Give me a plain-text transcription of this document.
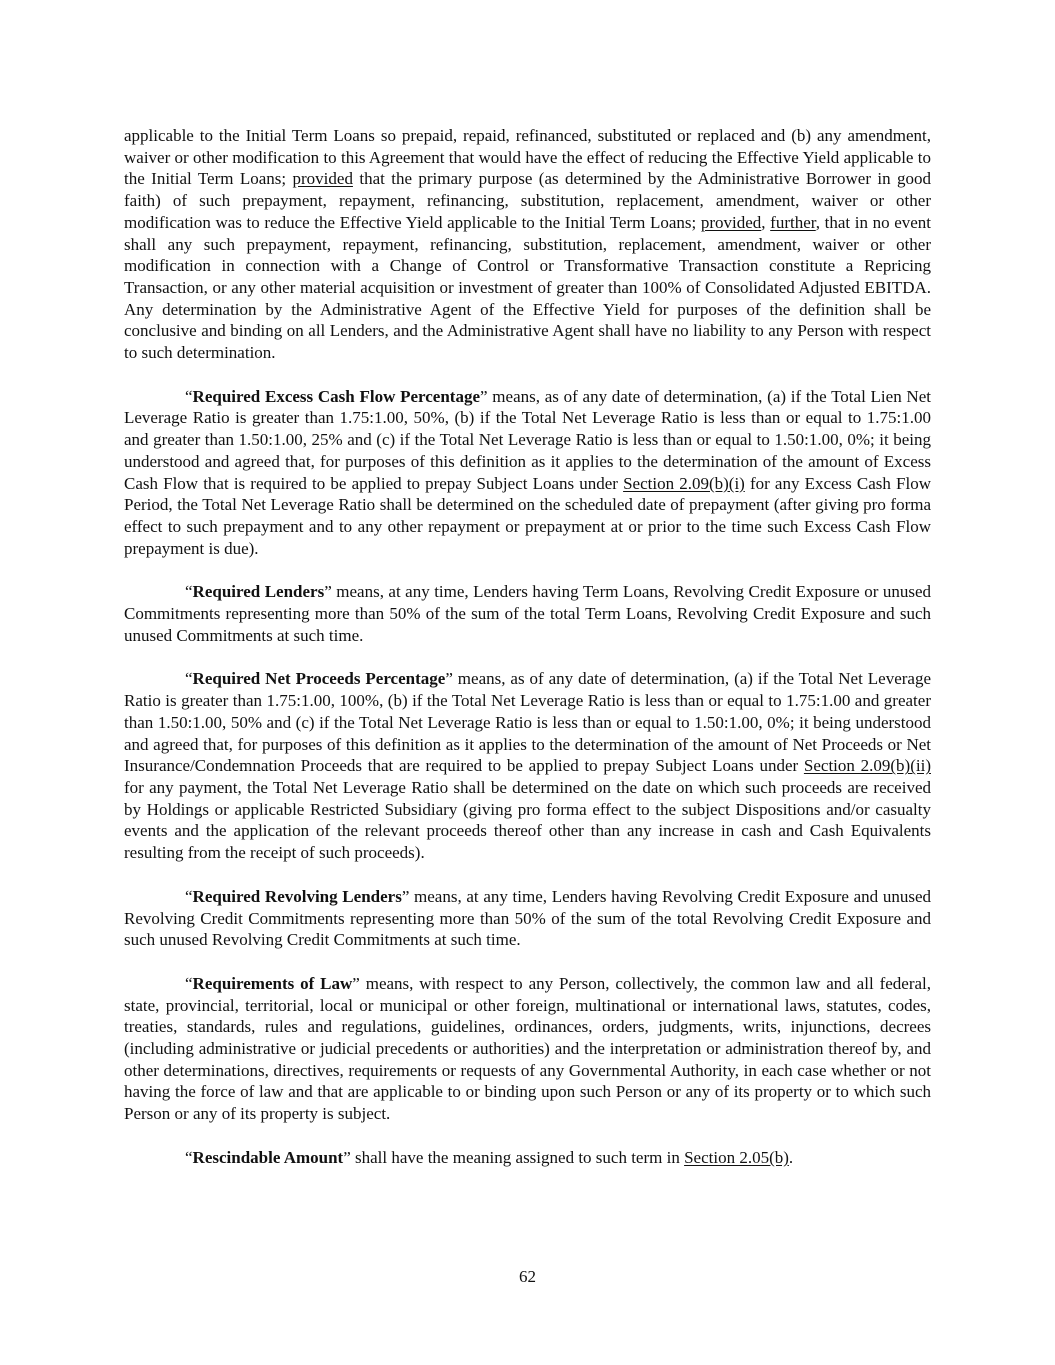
applicable to the Initial Term Loans so prepaid, repaid, refinanced, substituted or replaced and (b) any amendment, waiver or other modification to this Agreement that would have the effect of reducing the Effective Yield applicable to the Initial Term Loans; provided that the primary purpose (as determined by the Administrative Borrower in good faith) of such prepayment, repayment, refinancing, substitution, replacement, amendment, waiver or other modification was to reduce the Effective Yield applicable to the Initial Term Loans; provided, further, that in no event shall any such prepayment, repayment, refinancing, substitution, replacement, amendment, waiver or other modification in connection with a Change of Control or Transformative Transaction constitute a Repricing Transaction, or any other material acquisition or investment of greater than 100% of Consolidated Adjusted EBITDA. Any determination by the Administrative Agent of the Effective Yield for purposes of the definition shall be conclusive and binding on all Lenders, and the Administrative Agent shall have no liability to any Person with respect to such determination.

“Required Excess Cash Flow Percentage” means, as of any date of determination, (a) if the Total Lien Net Leverage Ratio is greater than 1.75:1.00, 50%, (b) if the Total Net Leverage Ratio is less than or equal to 1.75:1.00 and greater than 1.50:1.00, 25% and (c) if the Total Net Leverage Ratio is less than or equal to 1.50:1.00, 0%; it being understood and agreed that, for purposes of this definition as it applies to the determination of the amount of Excess Cash Flow that is required to be applied to prepay Subject Loans under Section 2.09(b)(i) for any Excess Cash Flow Period, the Total Net Leverage Ratio shall be determined on the scheduled date of prepayment (after giving pro forma effect to such prepayment and to any other repayment or prepayment at or prior to the time such Excess Cash Flow prepayment is due).

“Required Lenders” means, at any time, Lenders having Term Loans, Revolving Credit Exposure or unused Commitments representing more than 50% of the sum of the total Term Loans, Revolving Credit Exposure and such unused Commitments at such time.

“Required Net Proceeds Percentage” means, as of any date of determination, (a) if the Total Net Leverage Ratio is greater than 1.75:1.00, 100%, (b) if the Total Net Leverage Ratio is less than or equal to 1.75:1.00 and greater than 1.50:1.00, 50% and (c) if the Total Net Leverage Ratio is less than or equal to 1.50:1.00, 0%; it being understood and agreed that, for purposes of this definition as it applies to the determination of the amount of Net Proceeds or Net Insurance/Condemnation Proceeds that are required to be applied to prepay Subject Loans under Section 2.09(b)(ii) for any payment, the Total Net Leverage Ratio shall be determined on the date on which such proceeds are received by Holdings or applicable Restricted Subsidiary (giving pro forma effect to the subject Dispositions and/or casualty events and the application of the relevant proceeds thereof other than any increase in cash and Cash Equivalents resulting from the receipt of such proceeds).

“Required Revolving Lenders” means, at any time, Lenders having Revolving Credit Exposure and unused Revolving Credit Commitments representing more than 50% of the sum of the total Revolving Credit Exposure and such unused Revolving Credit Commitments at such time.

“Requirements of Law” means, with respect to any Person, collectively, the common law and all federal, state, provincial, territorial, local or municipal or other foreign, multinational or international laws, statutes, codes, treaties, standards, rules and regulations, guidelines, ordinances, orders, judgments, writs, injunctions, decrees (including administrative or judicial precedents or authorities) and the interpretation or administration thereof by, and other determinations, directives, requirements or requests of any Governmental Authority, in each case whether or not having the force of law and that are applicable to or binding upon such Person or any of its property or to which such Person or any of its property is subject.

“Rescindable Amount” shall have the meaning assigned to such term in Section 2.05(b).

62
